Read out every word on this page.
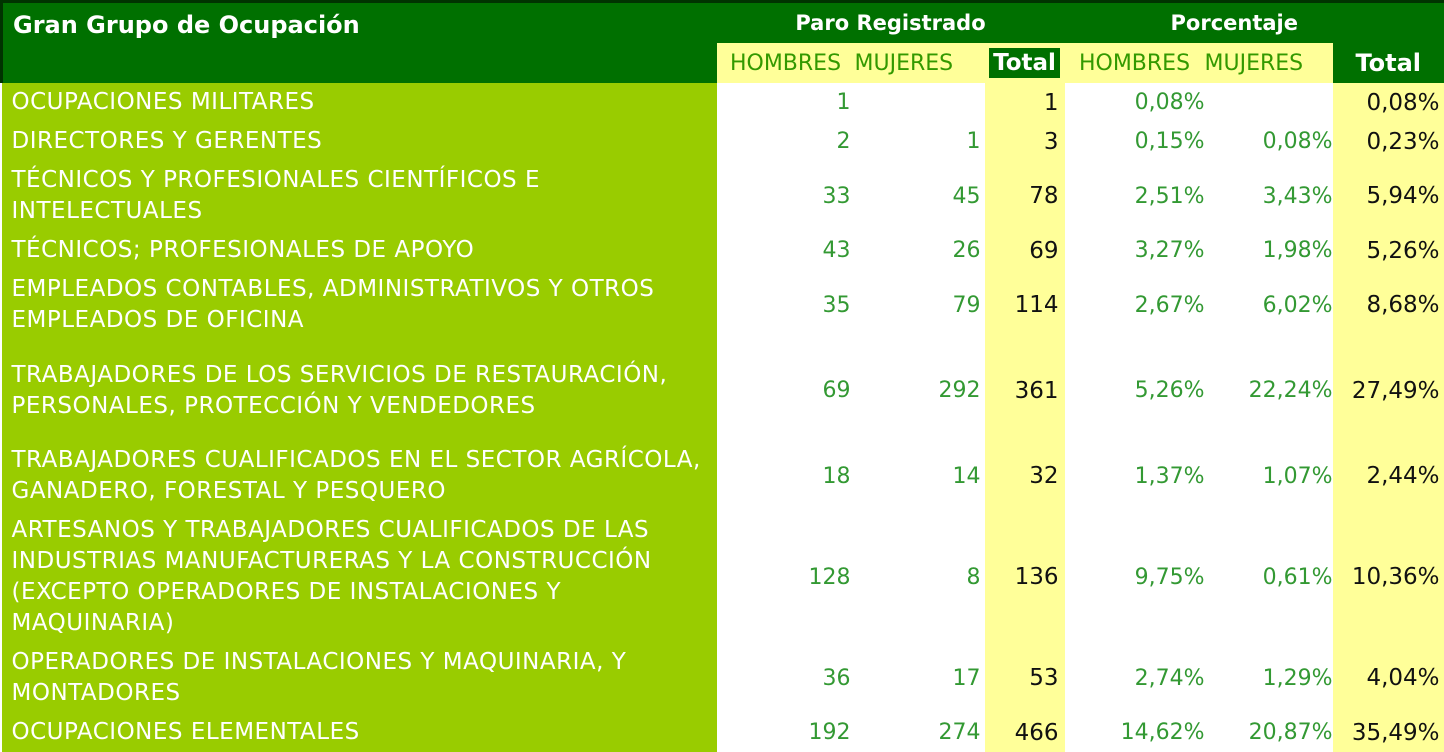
Gran Grupo de Ocupación	Paro Registrado			Porcentaje		
	HOMBRES	MUJERES	Total	HOMBRES	MUJERES	Total
OCUPACIONES MILITARES	1		1	0,08%		0,08%
DIRECTORES Y GERENTES	2	1	3	0,15%	0,08%	0,23%
TÉCNICOS Y PROFESIONALES CIENTÍFICOS E INTELECTUALES	33	45	78	2,51%	3,43%	5,94%
TÉCNICOS; PROFESIONALES DE APOYO	43	26	69	3,27%	1,98%	5,26%
EMPLEADOS CONTABLES, ADMINISTRATIVOS Y OTROS EMPLEADOS DE OFICINA	35	79	114	2,67%	6,02%	8,68%
TRABAJADORES DE LOS SERVICIOS DE RESTAURACIÓN, PERSONALES, PROTECCIÓN Y VENDEDORES	69	292	361	5,26%	22,24%	27,49%
TRABAJADORES CUALIFICADOS EN EL SECTOR AGRÍCOLA, GANADERO, FORESTAL Y PESQUERO	18	14	32	1,37%	1,07%	2,44%
ARTESANOS Y TRABAJADORES CUALIFICADOS DE LAS INDUSTRIAS MANUFACTURERAS Y LA CONSTRUCCIÓN (EXCEPTO OPERADORES DE INSTALACIONES Y MAQUINARIA)	128	8	136	9,75%	0,61%	10,36%
OPERADORES DE INSTALACIONES Y MAQUINARIA, Y MONTADORES	36	17	53	2,74%	1,29%	4,04%
OCUPACIONES ELEMENTALES	192	274	466	14,62%	20,87%	35,49%
